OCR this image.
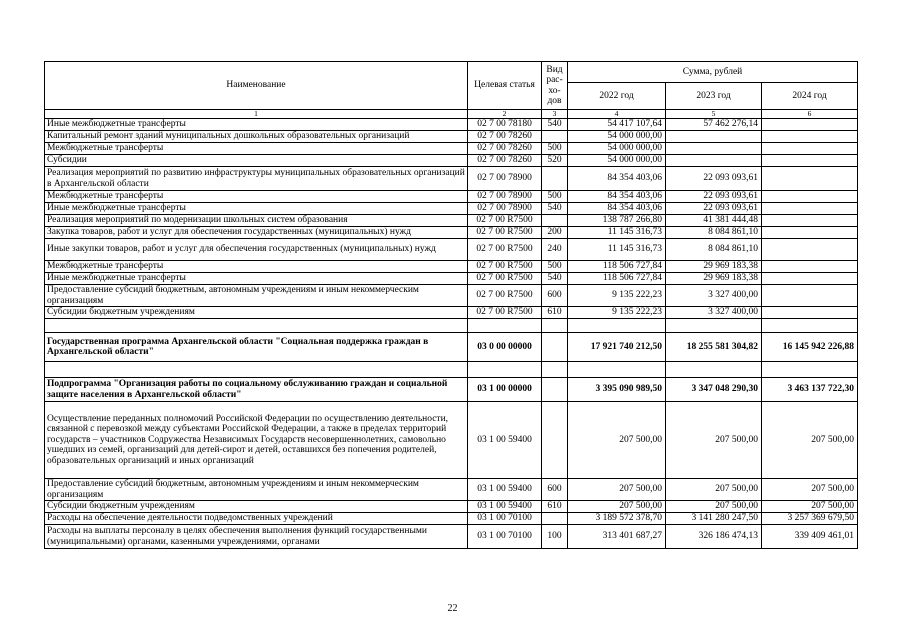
Наименование	Целевая статья	Вид рас- хо- дов	Сумма, рублей		
			2022 год	2023 год	2024 год
1	2	3	4	5	6
Иные межбюджетные трансферты	02 7 00 78180	540	54 417 107,64	57 462 276,14	
Капитальный ремонт зданий муниципальных дошкольных образовательных организаций	02 7 00 78260		54 000 000,00		
Межбюджетные трансферты	02 7 00 78260	500	54 000 000,00		
Субсидии	02 7 00 78260	520	54 000 000,00		
Реализация мероприятий по развитию инфраструктуры муниципальных образовательных организаций в Архангельской области	02 7 00 78900		84 354 403,06	22 093 093,61	
Межбюджетные трансферты	02 7 00 78900	500	84 354 403,06	22 093 093,61	
Иные межбюджетные трансферты	02 7 00 78900	540	84 354 403,06	22 093 093,61	
Реализация мероприятий по модернизации школьных систем образования	02 7 00 R7500		138 787 266,80	41 381 444,48	
Закупка товаров, работ и услуг для обеспечения государственных (муниципальных) нужд	02 7 00 R7500	200	11 145 316,73	8 084 861,10	
Иные закупки товаров, работ и услуг для обеспечения государственных (муниципальных) нужд	02 7 00 R7500	240	11 145 316,73	8 084 861,10	
Межбюджетные трансферты	02 7 00 R7500	500	118 506 727,84	29 969 183,38	
Иные межбюджетные трансферты	02 7 00 R7500	540	118 506 727,84	29 969 183,38	
Предоставление субсидий бюджетным, автономным учреждениям и иным некоммерческим организациям	02 7 00 R7500	600	9 135 222,23	3 327 400,00	
Субсидии бюджетным учреждениям	02 7 00 R7500	610	9 135 222,23	3 327 400,00	

Государственная программа Архангельской области "Социальная поддержка граждан в Архангельской области"	03 0 00 00000		17 921 740 212,50	18 255 581 304,82	16 145 942 226,88

Подпрограмма "Организация работы по социальному обслуживанию граждан и социальной защите населения в Архангельской области"	03 1 00 00000		3 395 090 989,50	3 347 048 290,30	3 463 137 722,30
Осуществление переданных полномочий Российской Федерации по осуществлению деятельности, связанной с перевозкой между субъектами Российской Федерации, а также в пределах территорий государств – участников Содружества Независимых Государств несовершеннолетних, самовольно ушедших из семей, организаций для детей-сирот и детей, оставшихся без попечения родителей, образовательных организаций и иных организаций	03 1 00 59400		207 500,00	207 500,00	207 500,00
Предоставление субсидий бюджетным, автономным учреждениям и иным некоммерческим организациям	03 1 00 59400	600	207 500,00	207 500,00	207 500,00
Субсидии бюджетным учреждениям	03 1 00 59400	610	207 500,00	207 500,00	207 500,00
Расходы на обеспечение деятельности подведомственных учреждений	03 1 00 70100		3 189 572 378,70	3 141 280 247,50	3 257 369 679,50
Расходы на выплаты персоналу в целях обеспечения выполнения функций государственными (муниципальными) органами, казенными учреждениями, органами	03 1 00 70100	100	313 401 687,27	326 186 474,13	339 409 461,01
22
